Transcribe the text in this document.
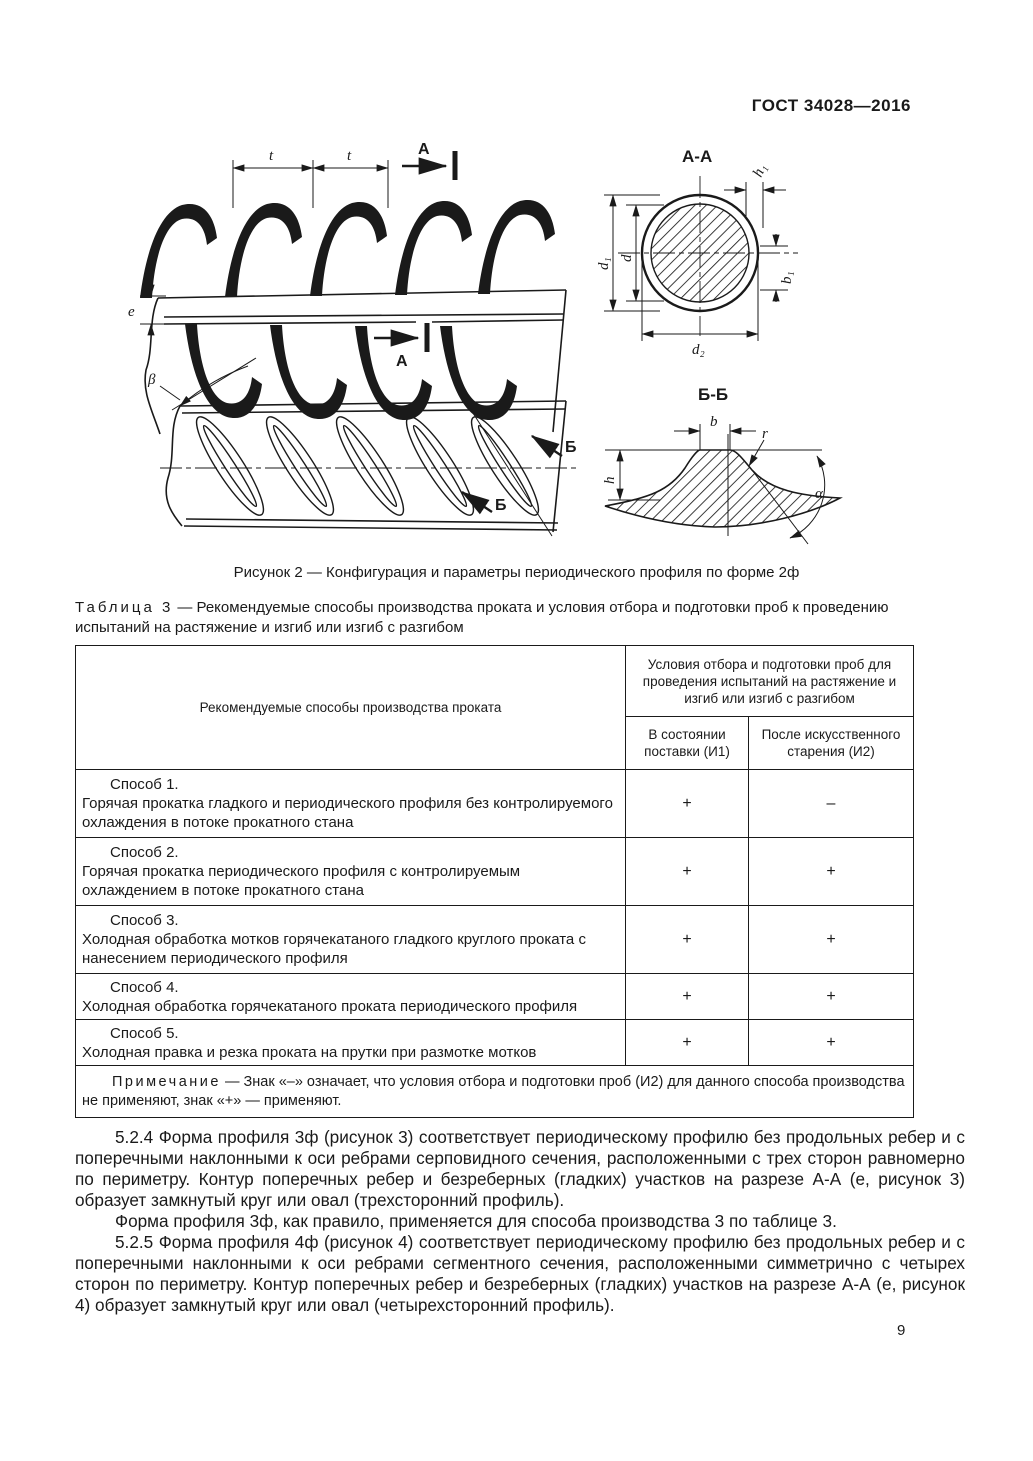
ГОСТ 34028—2016
t	t
е
А
А
А-А
d₁ d
d₂
h₁
b₁
β
Б
Б
Б-Б
b
h
r
α
Рисунок 2 — Конфигурация и параметры периодического профиля по форме 2ф
Таблица 3 — Рекомендуемые способы производства проката и условия отбора и подготовки проб к проведению испытаний на растяжение и изгиб или изгиб с разгибом
Рекомендуемые способы производства проката	Условия отбора и подготовки проб для проведения испытаний на растяжение и изгиб или изгиб с разгибом	
	В состоянии поставки (И1)	После искусственного старения (И2)

Способ 1.
Горячая прокатка гладкого и периодического профиля без контролируемого охлаждения в потоке прокатного стана	+	–

Способ 2.
Горячая прокатка периодического профиля с контролируемым охлаждением в потоке прокатного стана	+	+

Способ 3.
Холодная обработка мотков горячекатаного гладкого круглого проката с нанесением периодического профиля	+	+

Способ 4.
Холодная обработка горячекатаного проката периодического профиля	+	+

Способ 5.
Холодная правка и резка проката на прутки при размотке мотков	+	+

Примечание — Знак «–» означает, что условия отбора и подготовки проб (И2) для данного способа производства не применяют, знак «+» — применяют.		

5.2.4 Форма профиля 3ф (рисунок 3) соответствует периодическому профилю без продольных ребер и с поперечными наклонными к оси ребрами серповидного сечения, расположенными с трех сторон равномерно по периметру. Контур поперечных ребер и безреберных (гладких) участков на разрезе А-А (е, рисунок 3) образует замкнутый круг или овал (трехсторонний профиль).

Форма профиля 3ф, как правило, применяется для способа производства 3 по таблице 3.

5.2.5 Форма профиля 4ф (рисунок 4) соответствует периодическому профилю без продольных ребер и с поперечными наклонными к оси ребрами сегментного сечения, расположенными симметрично с четырех сторон по периметру. Контур поперечных ребер и безреберных (гладких) участков на разрезе А-А (е, рисунок 4) образует замкнутый круг или овал (четырехсторонний профиль).

9
